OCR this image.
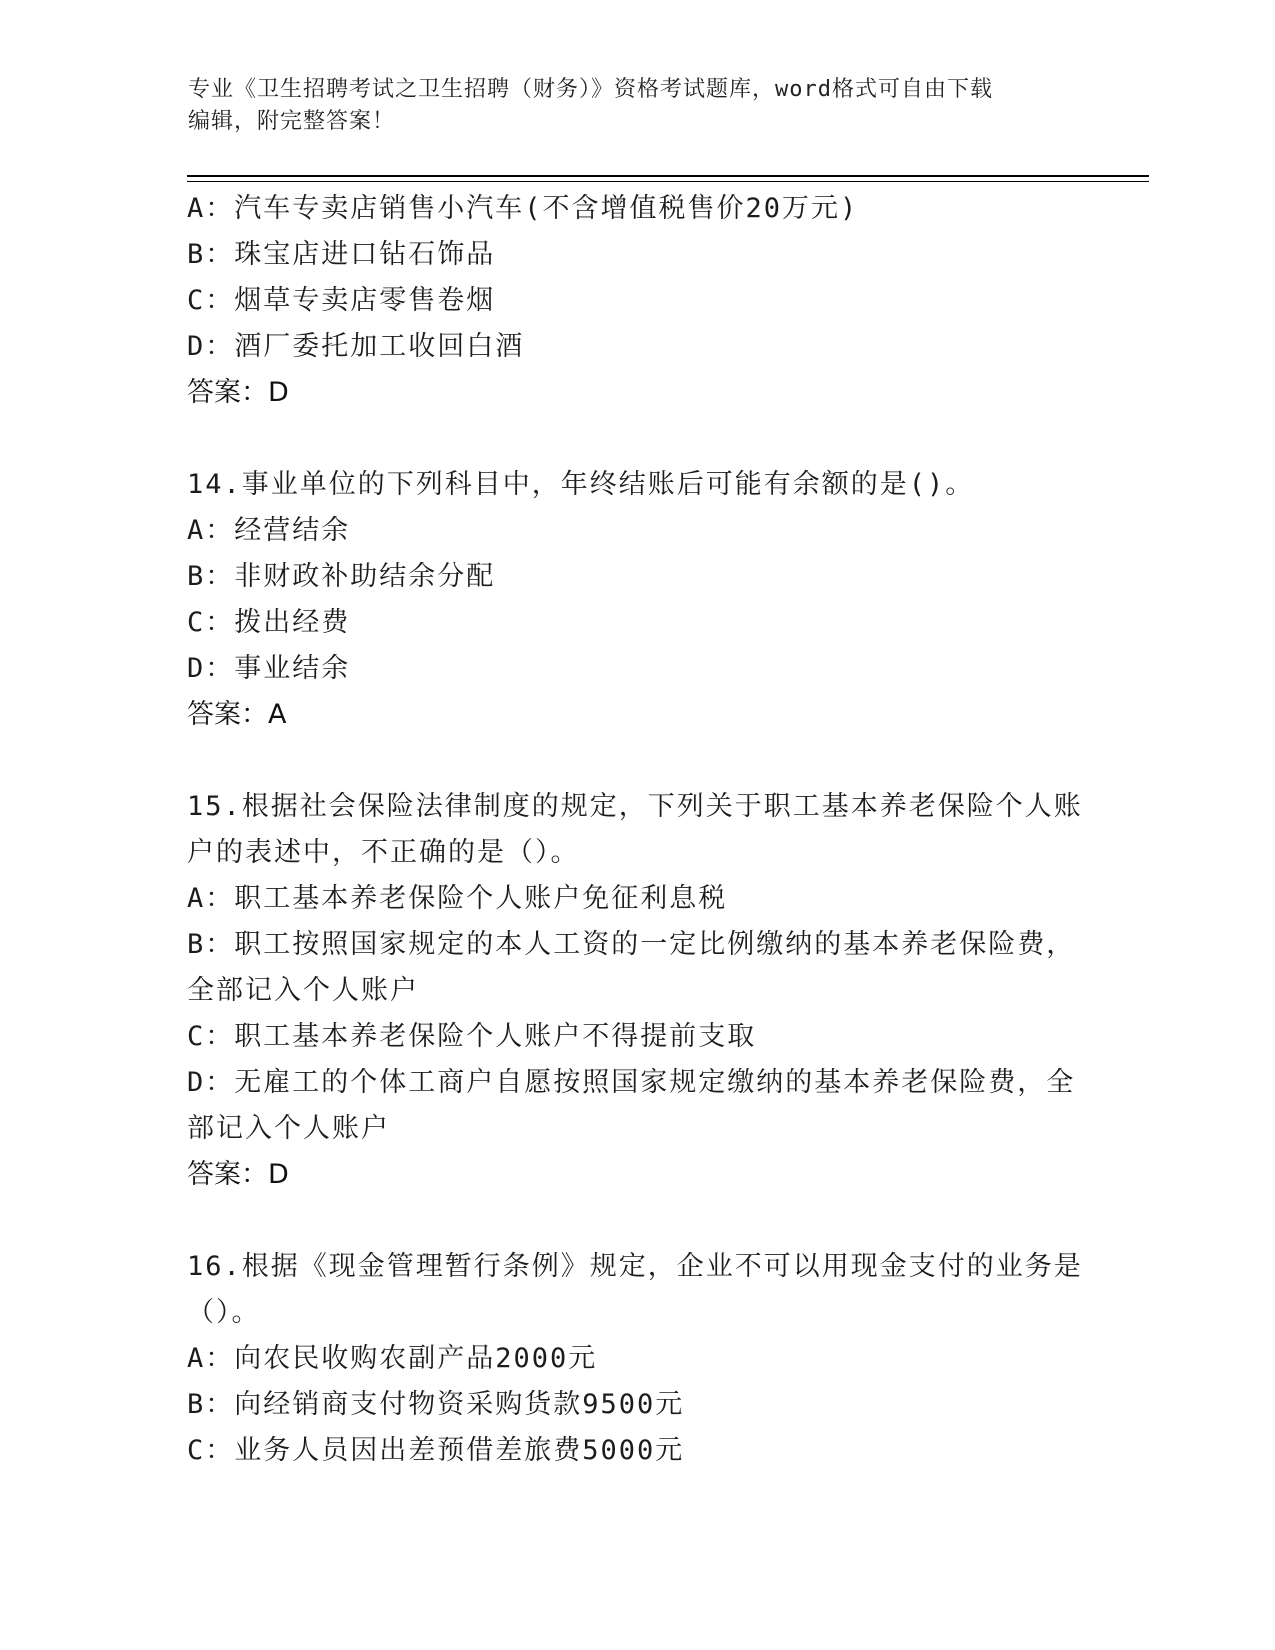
专业《卫生招聘考试之卫生招聘（财务）》资格考试题库，word格式可自由下载
编辑，附完整答案！
A：汽车专卖店销售小汽车(不含增值税售价20万元)
B：珠宝店进口钻石饰品
C：烟草专卖店零售卷烟
D：酒厂委托加工收回白酒
答案：D
14.事业单位的下列科目中，年终结账后可能有余额的是()。
A：经营结余
B：非财政补助结余分配
C：拨出经费
D：事业结余
答案：A
15.根据社会保险法律制度的规定，下列关于职工基本养老保险个人账
户的表述中，不正确的是（）。
A：职工基本养老保险个人账户免征利息税
B：职工按照国家规定的本人工资的一定比例缴纳的基本养老保险费，
全部记入个人账户
C：职工基本养老保险个人账户不得提前支取
D：无雇工的个体工商户自愿按照国家规定缴纳的基本养老保险费，全
部记入个人账户
答案：D
16.根据《现金管理暂行条例》规定，企业不可以用现金支付的业务是
（）。
A：向农民收购农副产品2000元
B：向经销商支付物资采购货款9500元
C：业务人员因出差预借差旅费5000元
